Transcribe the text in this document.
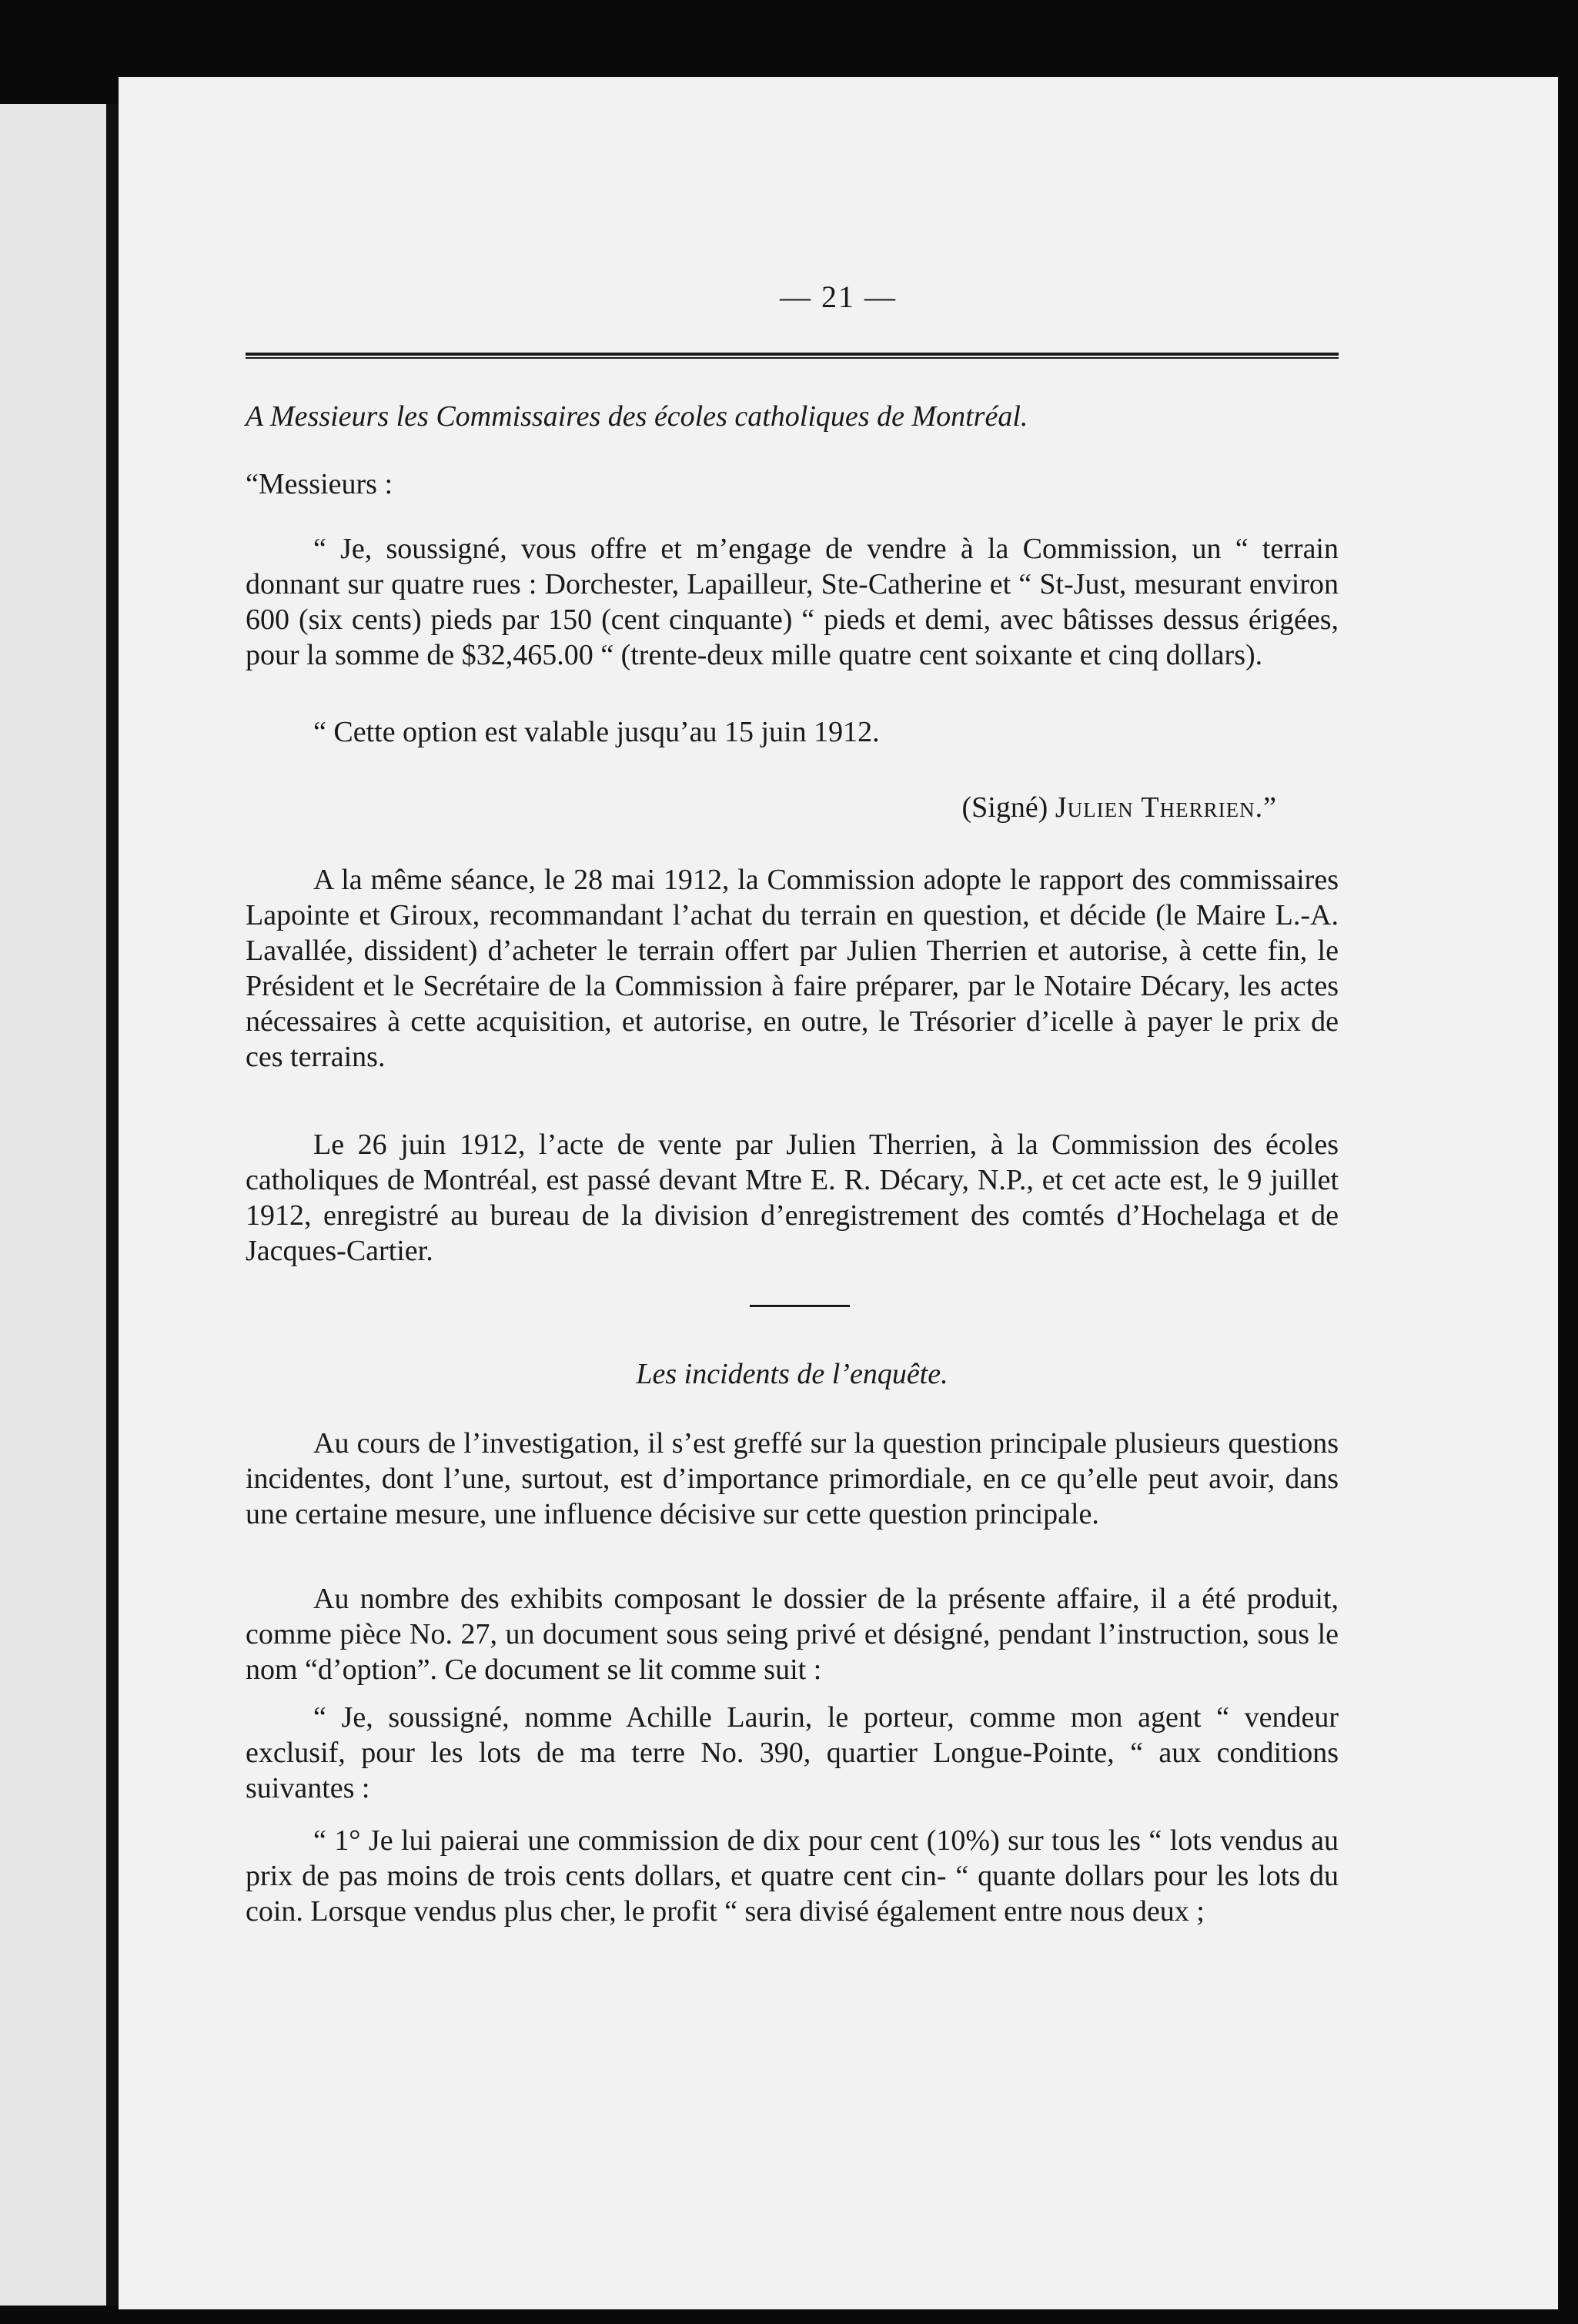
— 21 —

A Messieurs les Commissaires des écoles catholiques de Montréal.

“Messieurs :

“ Je, soussigné, vous offre et m’engage de vendre à la Commission, un “ terrain donnant sur quatre rues : Dorchester, Lapailleur, Ste-Catherine et “ St-Just, mesurant environ 600 (six cents) pieds par 150 (cent cinquante) “ pieds et demi, avec bâtisses dessus érigées, pour la somme de $32,465.00 “ (trente-deux mille quatre cent soixante et cinq dollars).

“ Cette option est valable jusqu’au 15 juin 1912.

(Signé) Julien Therrien.”

A la même séance, le 28 mai 1912, la Commission adopte le rapport des commissaires Lapointe et Giroux, recommandant l’achat du terrain en question, et décide (le Maire L.-A. Lavallée, dissident) d’acheter le terrain offert par Julien Therrien et autorise, à cette fin, le Président et le Secrétaire de la Commission à faire préparer, par le Notaire Décary, les actes nécessaires à cette acquisition, et autorise, en outre, le Trésorier d’icelle à payer le prix de ces terrains.

Le 26 juin 1912, l’acte de vente par Julien Therrien, à la Commission des écoles catholiques de Montréal, est passé devant Mtre E. R. Décary, N.P., et cet acte est, le 9 juillet 1912, enregistré au bureau de la division d’enregistrement des comtés d’Hochelaga et de Jacques-Cartier.

Les incidents de l’enquête.

Au cours de l’investigation, il s’est greffé sur la question principale plusieurs questions incidentes, dont l’une, surtout, est d’importance primordiale, en ce qu’elle peut avoir, dans une certaine mesure, une influence décisive sur cette question principale.

Au nombre des exhibits composant le dossier de la présente affaire, il a été produit, comme pièce No. 27, un document sous seing privé et désigné, pendant l’instruction, sous le nom “d’option”. Ce document se lit comme suit :

“ Je, soussigné, nomme Achille Laurin, le porteur, comme mon agent “ vendeur exclusif, pour les lots de ma terre No. 390, quartier Longue-Pointe, “ aux conditions suivantes :

“ 1° Je lui paierai une commission de dix pour cent (10%) sur tous les “ lots vendus au prix de pas moins de trois cents dollars, et quatre cent cin- “ quante dollars pour les lots du coin. Lorsque vendus plus cher, le profit “ sera divisé également entre nous deux ;
